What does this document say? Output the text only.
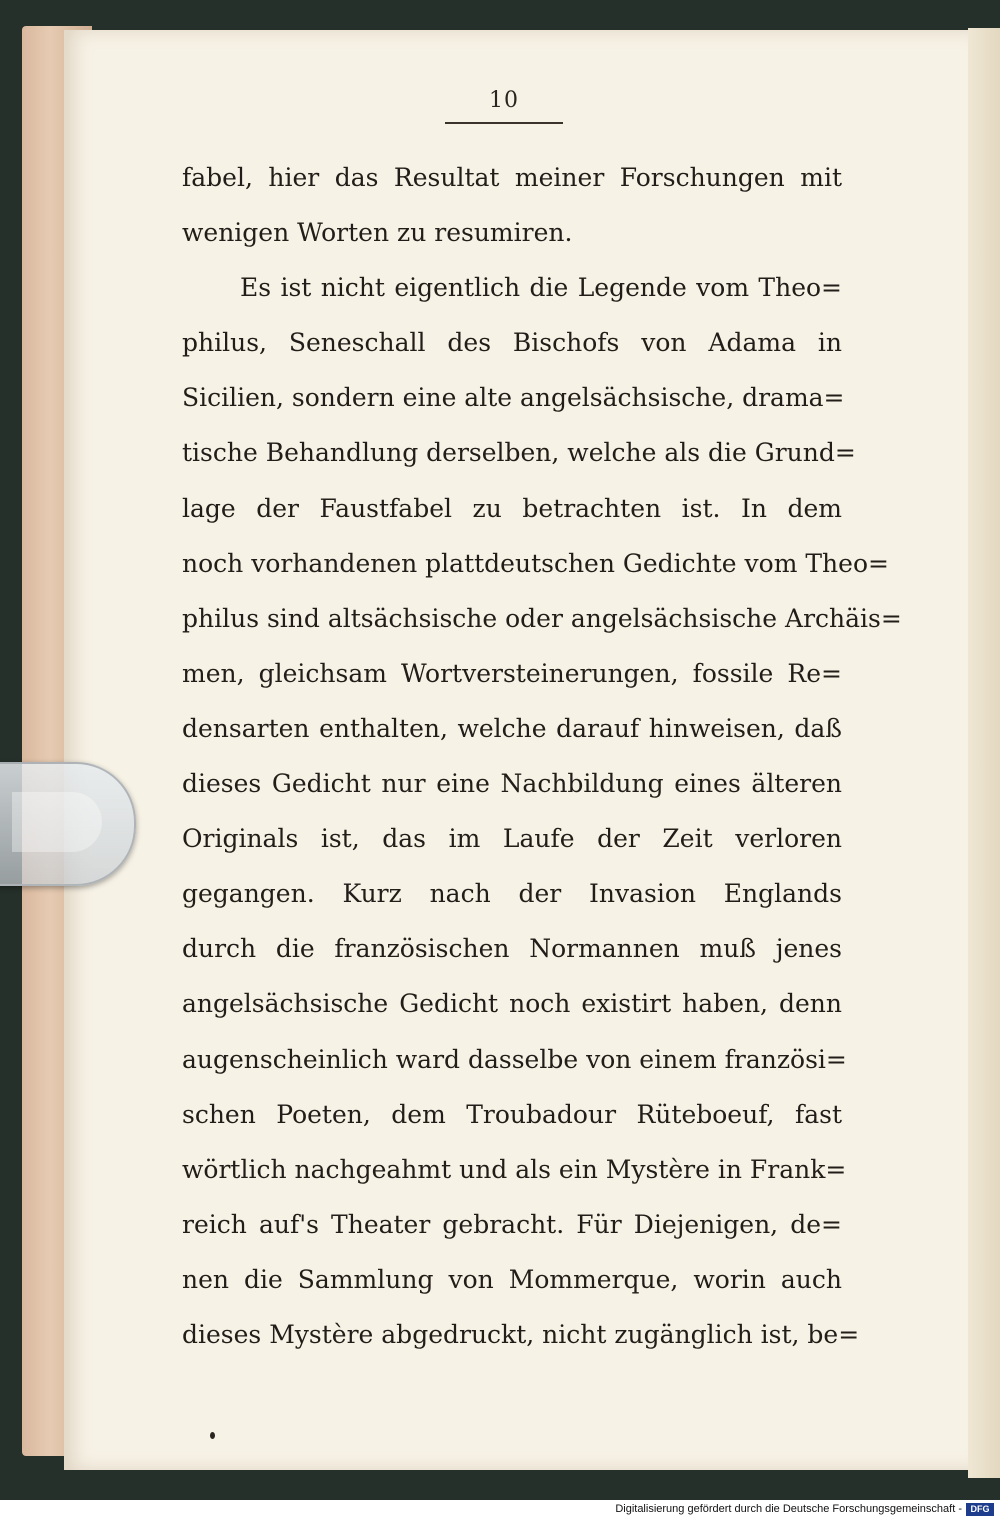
10
fabel, hier das Resultat meiner Forschungen mit
wenigen Worten zu resumiren.
Es ist nicht eigentlich die Legende vom Theo=
philus, Seneschall des Bischofs von Adama in
Sicilien, sondern eine alte angelsächsische, drama=
tische Behandlung derselben, welche als die Grund=
lage der Faustfabel zu betrachten ist. In dem
noch vorhandenen plattdeutschen Gedichte vom Theo=
philus sind altsächsische oder angelsächsische Archäis=
men, gleichsam Wortversteinerungen, fossile Re=
densarten enthalten, welche darauf hinweisen, daß
dieses Gedicht nur eine Nachbildung eines älteren
Originals ist, das im Laufe der Zeit verloren
gegangen. Kurz nach der Invasion Englands
durch die französischen Normannen muß jenes
angelsächsische Gedicht noch existirt haben, denn
augenscheinlich ward dasselbe von einem französi=
schen Poeten, dem Troubadour Rüteboeuf, fast
wörtlich nachgeahmt und als ein Mystère in Frank=
reich auf's Theater gebracht. Für Diejenigen, de=
nen die Sammlung von Mommerque, worin auch
dieses Mystère abgedruckt, nicht zugänglich ist, be=
Digitalisierung gefördert durch die Deutsche Forschungsgemeinschaft - DFG
